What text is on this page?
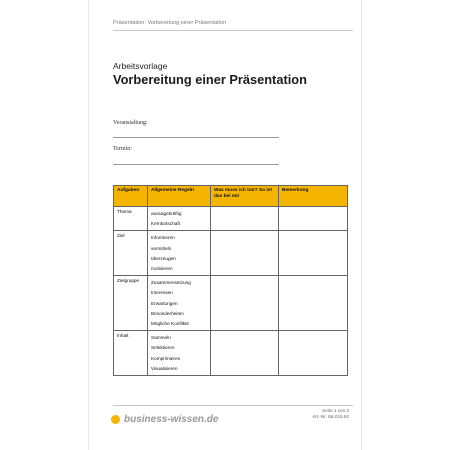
Präsentation: Vorbereitung einer Präsentation
Arbeitsvorlage
Vorbereitung einer Präsentation
Veranstaltung:
Termin:
Aufgaben	Allgemeine Regeln	Was muss ich tun? So ist das bei mir	Bemerkung
Thema	aussagekräftig
Kernbotschaft		

Ziel	Informieren
vermitteln
überzeugen
motivieren		

Zielgruppe	Zusammensetzung
Interessen
Erwartungen
Besonderheiten
Mögliche Konflikte		

Inhalt	Sammeln
Selektieren
Komprimieren
Visualisieren		

business-wissen.de
Seite 1 von 3
Art.-Nr. 9&.019.62
